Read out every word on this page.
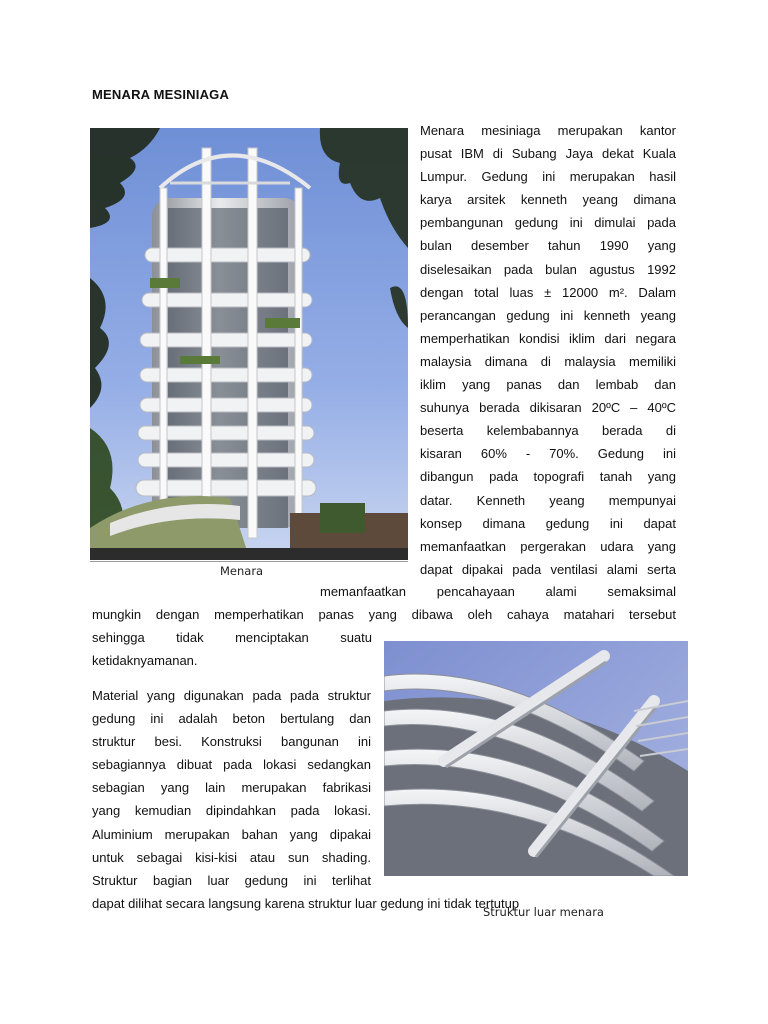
MENARA MESINIAGA
Menara
Menara mesiniaga merupakan kantor
pusat IBM di Subang Jaya dekat Kuala
Lumpur. Gedung ini merupakan hasil
karya arsitek kenneth yeang dimana
pembangunan gedung ini dimulai pada
bulan desember tahun 1990 yang
diselesaikan pada bulan agustus 1992
dengan total luas ± 12000 m². Dalam
perancangan gedung ini kenneth yeang
memperhatikan kondisi iklim dari negara
malaysia dimana di malaysia memiliki
iklim yang panas dan lembab dan
suhunya berada dikisaran 20ºC – 40ºC
beserta kelembabannya berada di
kisaran 60% - 70%. Gedung ini
dibangun pada topografi tanah yang
datar. Kenneth yeang mempunyai
konsep dimana gedung ini dapat
memanfaatkan pergerakan udara yang
dapat dipakai pada ventilasi alami serta
memanfaatkan pencahayaan alami semaksimal
mungkin dengan memperhatikan panas yang dibawa oleh cahaya matahari tersebut
sehingga tidak menciptakan suatu
ketidaknyamanan.
Material yang digunakan pada pada struktur
gedung ini adalah beton bertulang dan
struktur besi. Konstruksi bangunan ini
sebagiannya dibuat pada lokasi sedangkan
sebagian yang lain merupakan fabrikasi
yang kemudian dipindahkan pada lokasi.
Aluminium merupakan bahan yang dipakai
untuk sebagai kisi-kisi atau sun shading.
Struktur bagian luar gedung ini terlihat
dapat dilihat secara langsung karena struktur luar gedung ini tidak tertutup
Struktur luar menara
